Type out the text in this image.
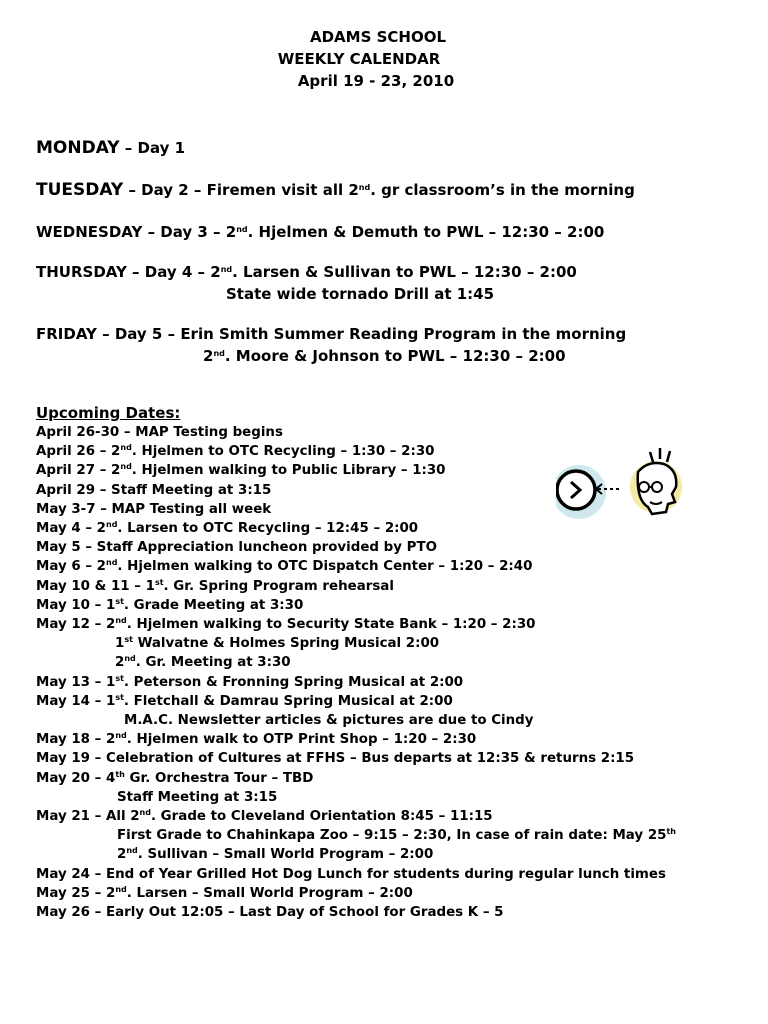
ADAMS SCHOOL
WEEKLY CALENDAR
April 19 - 23, 2010
MONDAY – Day 1
TUESDAY – Day 2 – Firemen visit all 2nd. gr classroom’s in the morning
WEDNESDAY – Day 3 – 2nd. Hjelmen & Demuth to PWL – 12:30 – 2:00
THURSDAY – Day 4 – 2nd. Larsen & Sullivan to PWL – 12:30 – 2:00
State wide tornado Drill at 1:45
FRIDAY – Day 5 – Erin Smith Summer Reading Program in the morning
2nd. Moore & Johnson to PWL – 12:30 – 2:00
Upcoming Dates:
April 26-30 – MAP Testing begins
April 26 – 2nd. Hjelmen to OTC Recycling – 1:30 – 2:30
April 27 – 2nd. Hjelmen walking to Public Library – 1:30
April 29 – Staff Meeting at 3:15
May 3-7 – MAP Testing all week
May 4 – 2nd. Larsen to OTC Recycling – 12:45 – 2:00
May 5 – Staff Appreciation luncheon provided by PTO
May 6 – 2nd. Hjelmen walking to OTC Dispatch Center – 1:20 – 2:40
May 10 & 11 – 1st. Gr. Spring Program rehearsal
May 10 – 1st. Grade Meeting at 3:30
May 12 – 2nd. Hjelmen walking to Security State Bank – 1:20 – 2:30
1st Walvatne & Holmes Spring Musical 2:00
2nd. Gr. Meeting at 3:30
May 13 – 1st. Peterson & Fronning Spring Musical at 2:00
May 14 – 1st. Fletchall & Damrau Spring Musical at 2:00
M.A.C. Newsletter articles & pictures are due to Cindy
May 18 – 2nd. Hjelmen walk to OTP Print Shop – 1:20 – 2:30
May 19 – Celebration of Cultures at FFHS – Bus departs at 12:35 & returns 2:15
May 20 – 4th Gr. Orchestra Tour – TBD
Staff Meeting at 3:15
May 21 – All 2nd. Grade to Cleveland Orientation 8:45 – 11:15
First Grade to Chahinkapa Zoo – 9:15 – 2:30, In case of rain date: May 25th
2nd. Sullivan – Small World Program – 2:00
May 24 – End of Year Grilled Hot Dog Lunch for students during regular lunch times
May 25 – 2nd. Larsen – Small World Program – 2:00
May 26 – Early Out 12:05 – Last Day of School for Grades K – 5
